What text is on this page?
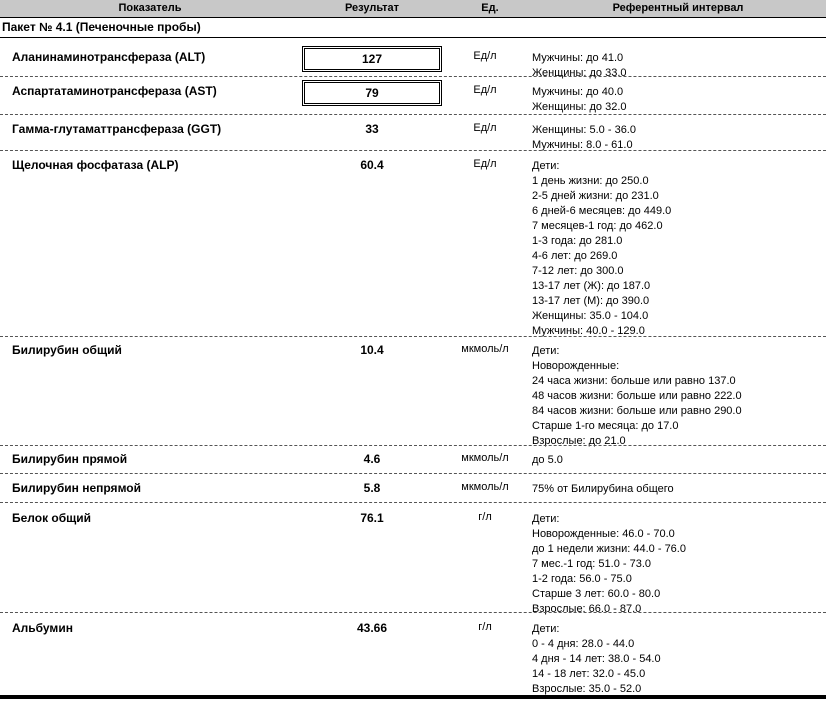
Показатель	Результат	Ед.	Референтный интервал
Пакет № 4.1 (Печеночные пробы)
Аланинаминотрансфераза (ALT)	127	Ед/л	Мужчины: до 41.0
Женщины: до 33.0
Аспартатаминотрансфераза (AST)	79	Ед/л	Мужчины: до 40.0
Женщины: до 32.0
Гамма-глутаматтрансфераза (GGT)	33	Ед/л	Женщины: 5.0 - 36.0
Мужчины: 8.0 - 61.0
Щелочная фосфатаза (ALP)	60.4	Ед/л	Дети:
1 день жизни: до 250.0
2-5 дней жизни: до 231.0
6 дней-6 месяцев: до 449.0
7 месяцев-1 год: до 462.0
1-3 года: до 281.0
4-6 лет: до 269.0
7-12 лет: до 300.0
13-17 лет (Ж): до 187.0
13-17 лет (М): до 390.0
Женщины: 35.0 - 104.0
Мужчины: 40.0 - 129.0
Билирубин общий	10.4	мкмоль/л	Дети:
Новорожденные:
24 часа жизни: больше или равно 137.0
48 часов жизни: больше или равно 222.0
84 часов жизни: больше или равно 290.0
Старше 1-го месяца: до 17.0
Взрослые: до 21.0
Билирубин прямой	4.6	мкмоль/л	до 5.0
Билирубин непрямой	5.8	мкмоль/л	75% от Билирубина общего
Белок общий	76.1	г/л	Дети:
Новорожденные: 46.0 - 70.0
до 1 недели жизни: 44.0 - 76.0
7 мес.-1 год: 51.0 - 73.0
1-2 года: 56.0 - 75.0
Старше 3 лет: 60.0 - 80.0
Взрослые: 66.0 - 87.0
Альбумин	43.66	г/л	Дети:
0 - 4 дня: 28.0 - 44.0
4 дня - 14 лет: 38.0 - 54.0
14 - 18 лет: 32.0 - 45.0
Взрослые: 35.0 - 52.0
